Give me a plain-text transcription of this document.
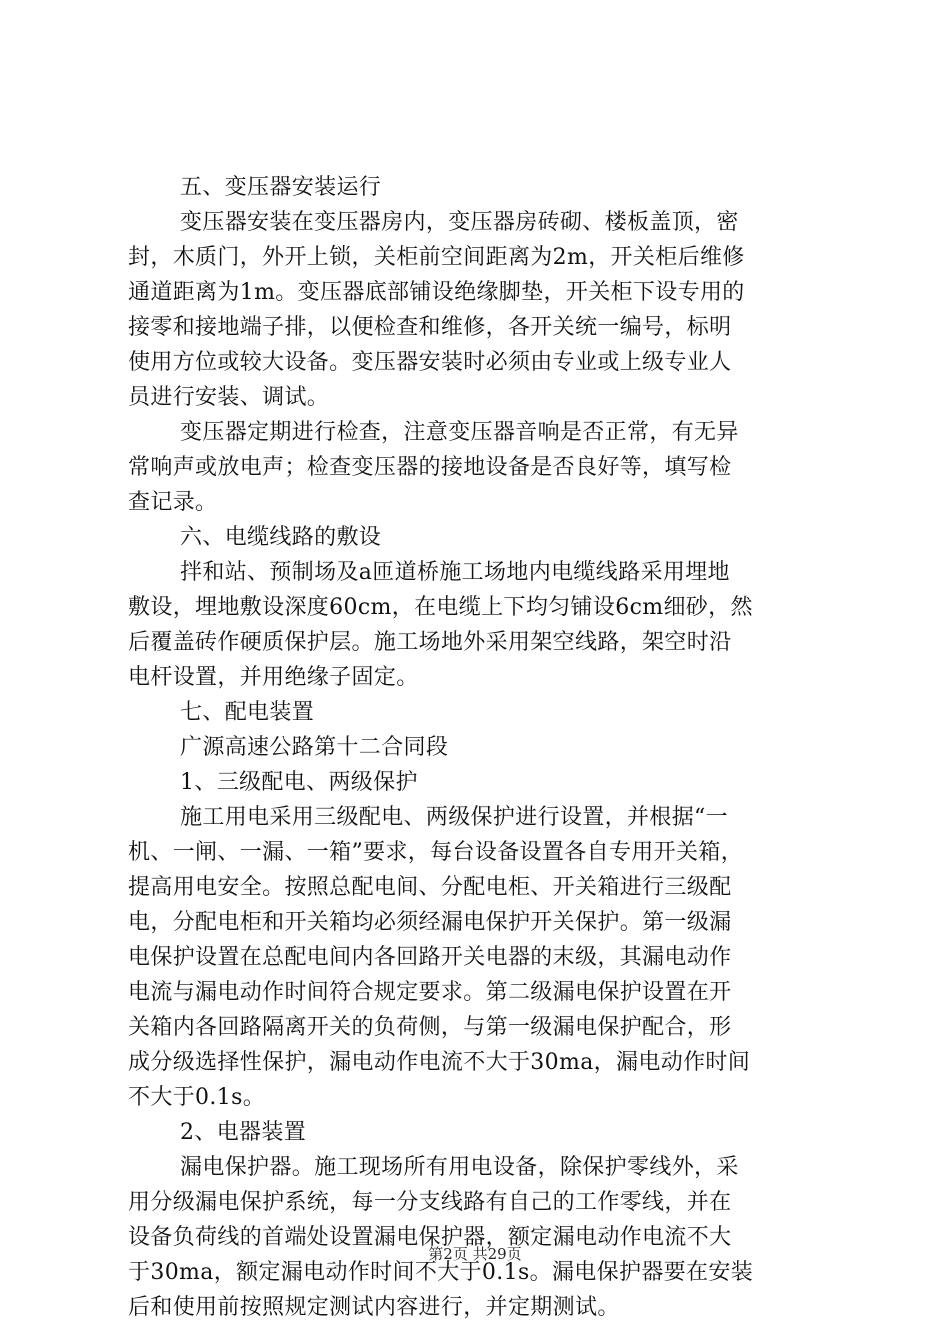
五、变压器安装运行
变压器安装在变压器房内，变压器房砖砌、楼板盖顶，密
封，木质门，外开上锁，关柜前空间距离为2m，开关柜后维修
通道距离为1m。变压器底部铺设绝缘脚垫，开关柜下设专用的
接零和接地端子排，以便检查和维修，各开关统一编号，标明
使用方位或较大设备。变压器安装时必须由专业或上级专业人
员进行安装、调试。
变压器定期进行检查，注意变压器音响是否正常，有无异
常响声或放电声；检查变压器的接地设备是否良好等，填写检
查记录。
六、电缆线路的敷设
拌和站、预制场及a匝道桥施工场地内电缆线路采用埋地
敷设，埋地敷设深度60cm，在电缆上下均匀铺设6cm细砂，然
后覆盖砖作硬质保护层。施工场地外采用架空线路，架空时沿
电杆设置，并用绝缘子固定。
七、配电装置
广源高速公路第十二合同段
1、三级配电、两级保护
施工用电采用三级配电、两级保护进行设置，并根据“一
机、一闸、一漏、一箱”要求，每台设备设置各自专用开关箱，
提高用电安全。按照总配电间、分配电柜、开关箱进行三级配
电，分配电柜和开关箱均必须经漏电保护开关保护。第一级漏
电保护设置在总配电间内各回路开关电器的末级，其漏电动作
电流与漏电动作时间符合规定要求。第二级漏电保护设置在开
关箱内各回路隔离开关的负荷侧，与第一级漏电保护配合，形
成分级选择性保护，漏电动作电流不大于30ma，漏电动作时间
不大于0.1s。
2、电器装置
漏电保护器。施工现场所有用电设备，除保护零线外，采
用分级漏电保护系统，每一分支线路有自己的工作零线，并在
设备负荷线的首端处设置漏电保护器，额定漏电动作电流不大
于30ma，额定漏电动作时间不大于0.1s。漏电保护器要在安装
后和使用前按照规定测试内容进行，并定期测试。
第2页 共29页
